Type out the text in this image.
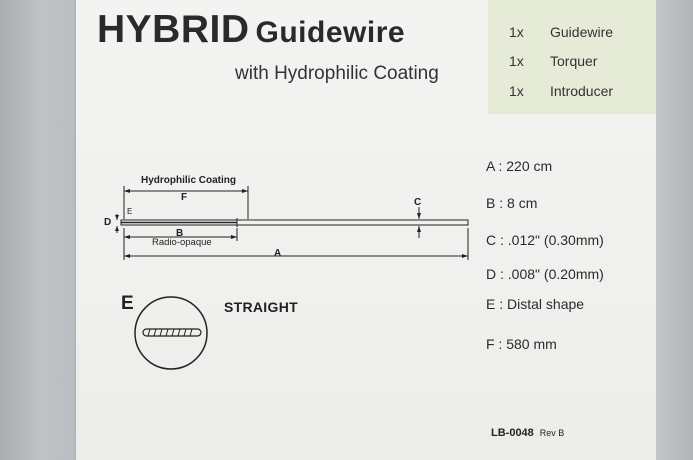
HYBRID Guidewire
with Hydrophilic Coating
1x Guidewire
1x Torquer
1x Introducer
Hydrophilic Coating
F
B
Radio-opaque
A
C
D
E
A : 220 cm
B : 8 cm
C : .012" (0.30mm)
D : .008" (0.20mm)
E : Distal shape
F : 580 mm
E	STRAIGHT
LB-0048 Rev B
